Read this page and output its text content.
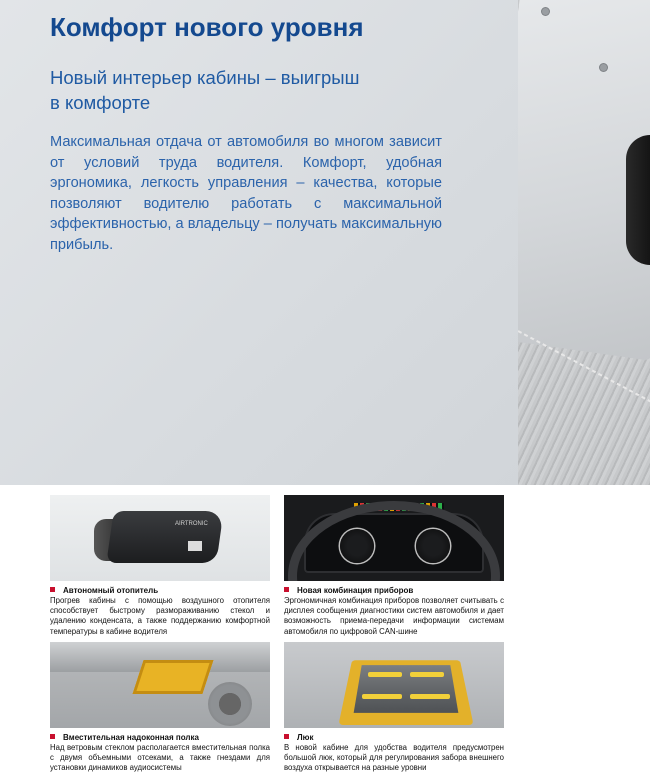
Комфорт нового уровня
Новый интерьер кабины – выигрыш
в комфорте

Максимальная отдача от автомобиля во многом зависит от условий труда водителя. Комфорт, удобная эргономика, легкость управления – качества, которые позволяют водителю работать с максимальной эффективностью, а владельцу – получать максимальную прибыль.

AIRTRONIC
Автономный отопитель
Прогрев кабины с помощью воздушного отопителя способствует быстрому размораживанию стекол и удалению конденсата, а также поддержанию комфортной температуры в кабине водителя
Новая комбинация приборов
Эргономичная комбинация приборов позволяет считывать с дисплея сообщения диагностики систем автомобиля и дает возможность приема-передачи информации системам автомобиля по цифровой CAN-шине
Вместительная надоконная полка
Над ветровым стеклом располагается вместительная полка с двумя объемными отсеками, а также гнездами для установки динамиков аудиосистемы
Люк
В новой кабине для удобства водителя предусмотрен большой люк, который для регулирования забора внешнего воздуха открывается на разные уровни
